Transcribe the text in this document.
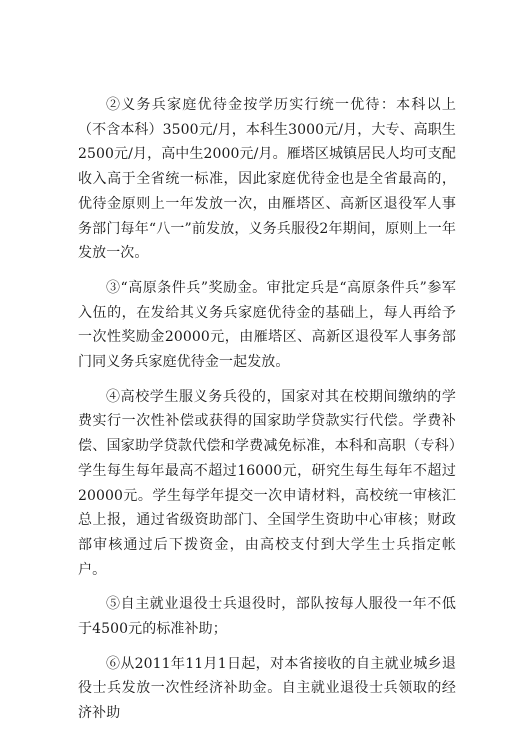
②义务兵家庭优待金按学历实行统一优待：本科以上（不含本科）3500元/月，本科生3000元/月，大专、高职生2500元/月，高中生2000元/月。雁塔区城镇居民人均可支配收入高于全省统一标准，因此家庭优待金也是全省最高的，优待金原则上一年发放一次，由雁塔区、高新区退役军人事务部门每年“八一”前发放，义务兵服役2年期间，原则上一年发放一次。

③“高原条件兵”奖励金。审批定兵是“高原条件兵”参军入伍的，在发给其义务兵家庭优待金的基础上，每人再给予一次性奖励金20000元，由雁塔区、高新区退役军人事务部门同义务兵家庭优待金一起发放。

④高校学生服义务兵役的，国家对其在校期间缴纳的学费实行一次性补偿或获得的国家助学贷款实行代偿。学费补偿、国家助学贷款代偿和学费减免标准，本科和高职（专科）学生每生每年最高不超过16000元，研究生每生每年不超过20000元。学生每学年提交一次申请材料，高校统一审核汇总上报，通过省级资助部门、全国学生资助中心审核；财政部审核通过后下拨资金，由高校支付到大学生士兵指定帐户。

⑤自主就业退役士兵退役时，部队按每人服役一年不低于4500元的标准补助；

⑥从2011年11月1日起，对本省接收的自主就业城乡退役士兵发放一次性经济补助金。自主就业退役士兵领取的经济补助
